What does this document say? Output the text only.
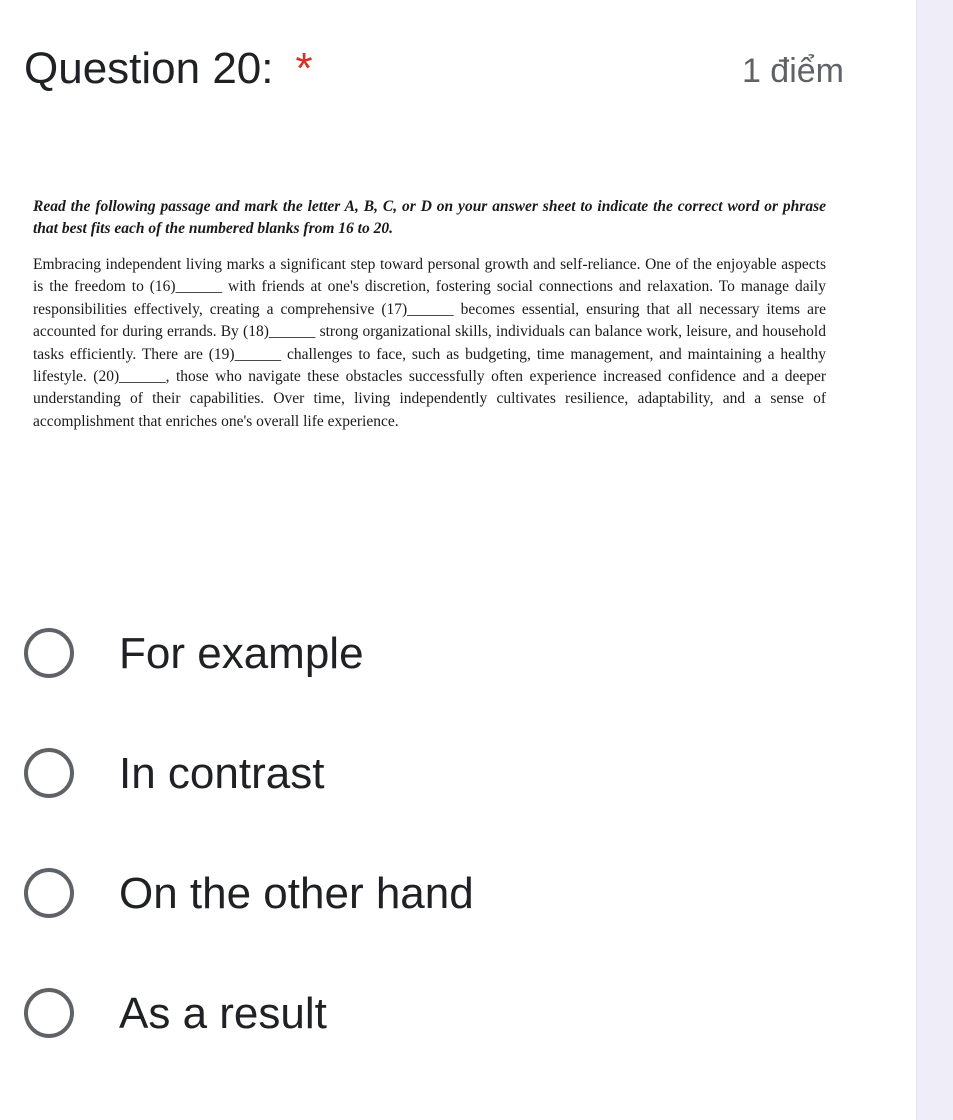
Question 20: *	1 điểm

Read the following passage and mark the letter A, B, C, or D on your answer sheet to indicate the correct word or phrase that best fits each of the numbered blanks from 16 to 20.

Embracing independent living marks a significant step toward personal growth and self-reliance. One of the enjoyable aspects is the freedom to (16)______ with friends at one's discretion, fostering social connections and relaxation. To manage daily responsibilities effectively, creating a comprehensive (17)______ becomes essential, ensuring that all necessary items are accounted for during errands. By (18)______ strong organizational skills, individuals can balance work, leisure, and household tasks efficiently. There are (19)______ challenges to face, such as budgeting, time management, and maintaining a healthy lifestyle. (20)______, those who navigate these obstacles successfully often experience increased confidence and a deeper understanding of their capabilities. Over time, living independently cultivates resilience, adaptability, and a sense of accomplishment that enriches one's overall life experience.

For example
In contrast
On the other hand
As a result
